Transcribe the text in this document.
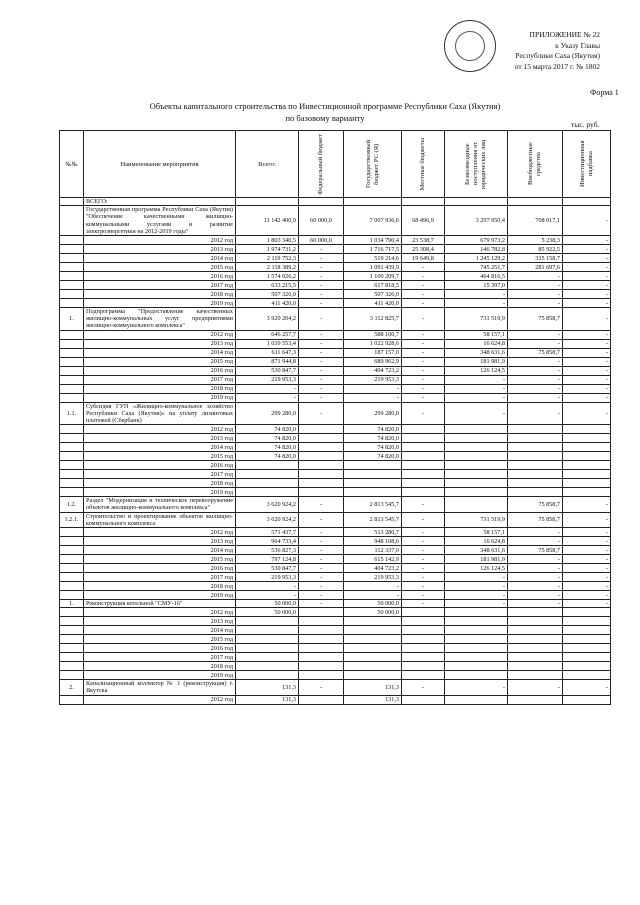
ПРИЛОЖЕНИЕ № 22
к Указу Главы
Республики Саха (Якутия)
от 15 марта 2017 г. № 1802
Форма 1
Объекты капитального строительства по Инвестиционной программе Республики Саха (Якутия)
по базовому варианту
тыс. руб.
№№	Наименование мероприятия	Всего:	Федеральный бюджет	Государственный бюджет РС (Я)	Местные бюджеты	Безвозмездные поступления от юридических лиц	Внебюджетные средства	Инвестиционная надбавка

	ВСЕГО:							
	Государственная программа Республики Саха (Якутия) "Обеспечение качественными жилищно-коммунальными услугами и развитие электроэнергетики на 2012-2019 годы"	11 142 400,9	60 000,0	7 007 936,6	68 496,9	3 297 950,4	708 017,1	-
	2012 год	1 803 340,5	60 000,0	1 034 790,4	23 538,7	679 973,2	5 238,3	-
	2013 год	1 974 731,2	-	1 716 717,5	25 308,4	146 782,8	85 922,5	-
	2014 год	2 119 752,3	-	519 214,6	19 649,8	1 245 129,2	335 158,7	-
	2015 год	2 118 389,2	-	1 091 439,9	-	745 251,7	281 697,6	-
	2016 год	1 574 026,2	-	1 109 209,7	-	464 816,5	-	-
	2017 год	633 215,5	-	617 818,5	-	15 397,0	-	-
	2018 год	507 326,0	-	507 326,0	-	-	-	-
	2019 год	411 420,0	-	411 420,0	-	-	-	-
1.	Подпрограмма "Предоставление качественных жилищно-коммунальных услуг предприятиями жилищно-коммунального комплекса"	3 920 204,2	-	3 112 825,7	-	731 519,9	75 858,7	-
	2012 год	646 257,7	-	588 100,7	-	58 157,1	-	-
	2013 год	1 039 553,4	-	1 022 928,6	-	16 624,8	-	-
	2014 год	611 647,3	-	187 157,0	-	348 631,6	75 858,7	-
	2015 год	871 944,8	-	689 962,9	-	181 981,9	-	-
	2016 год	530 847,7	-	404 723,2	-	126 124,5	-	-
	2017 год	219 953,3	-	219 953,3	-	-	-	-
	2018 год	-	-	-	-	-	-	-
	2019 год	-	-	-	-	-	-	-
1.1.	Субсидия ГУП «Жилищно-коммунальное хозяйство Республики Саха (Якутия)» на уплату лизинговых платежей (Сбербанк)	299 280,0	-	299 280,0	-	-	-	-
	2012 год	74 820,0		74 820,0				
	2013 год	74 820,0		74 820,0				
	2014 год	74 820,0		74 820,0				
	2015 год	74 820,0		74 820,0				
	2016 год							
	2017 год							
	2018 год							
	2019 год							
1.2.	Раздел "Модернизация и техническое перевооружение объектов жилищно-коммунального комплекса"	3 620 924,2	-	2 813 545,7	-		75 858,7	-
1.2.1.	Строительство и проектирование объектов жилищно-коммунального комплекса	3 620 924,2	-	2 813 545,7	-	731 519,9	75 858,7	-
	2012 год	571 437,7	-	513 280,7	-	58 157,1	-	-
	2013 год	964 733,4	-	948 108,6	-	16 624,8	-	-
	2014 год	536 827,3	-	112 337,0	-	348 631,6	75 858,7	-
	2015 год	797 124,8	-	615 142,9	-	181 981,9	-	-
	2016 год	530 847,7	-	404 723,2	-	126 124,5	-	-
	2017 год	219 953,3	-	219 953,3	-	-	-	-
	2018 год	-	-	-	-	-	-	-
	2019 год	-	-	-	-	-	-	-
1.	Реконструкция котельной "СМУ-16"	50 000,0	-	50 000,0	-	-	-	-
	2012 год	50 000,0		50 000,0				
	2013 год							
	2014 год							
	2015 год							
	2016 год							
	2017 год							
	2018 год							
	2019 год							
2.	Канализационный коллектор № 1 (реконструкция) г. Якутска	131,3	-	131,3	-	-	-	-
	2012 год	131,3		131,3				
